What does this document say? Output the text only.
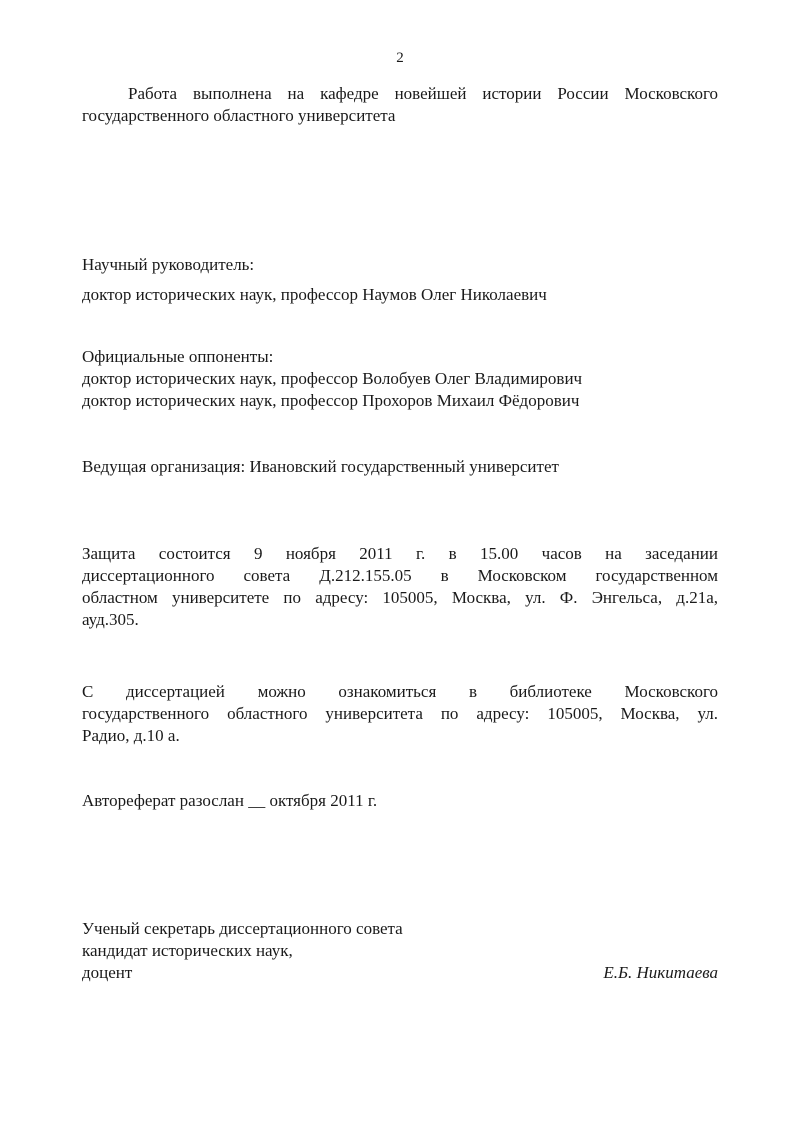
2
Работа выполнена на кафедре новейшей истории России Московского
государственного областного университета
Научный руководитель:
доктор исторических наук, профессор Наумов Олег Николаевич
Официальные оппоненты:
доктор исторических наук, профессор Волобуев Олег Владимирович
доктор исторических наук, профессор Прохоров Михаил Фёдорович
Ведущая организация: Ивановский государственный университет
Защита состоится 9 ноября 2011 г. в 15.00 часов на заседании
диссертационного совета Д.212.155.05 в Московском государственном
областном университете по адресу: 105005, Москва, ул. Ф. Энгельса, д.21а,
ауд.305.
С диссертацией можно ознакомиться в библиотеке Московского
государственного областного университета по адресу: 105005, Москва, ул.
Радио, д.10 а.
Автореферат разослан __ октября 2011 г.
Ученый секретарь диссертационного совета
кандидат исторических наук,
доцент	Е.Б. Никитаева
